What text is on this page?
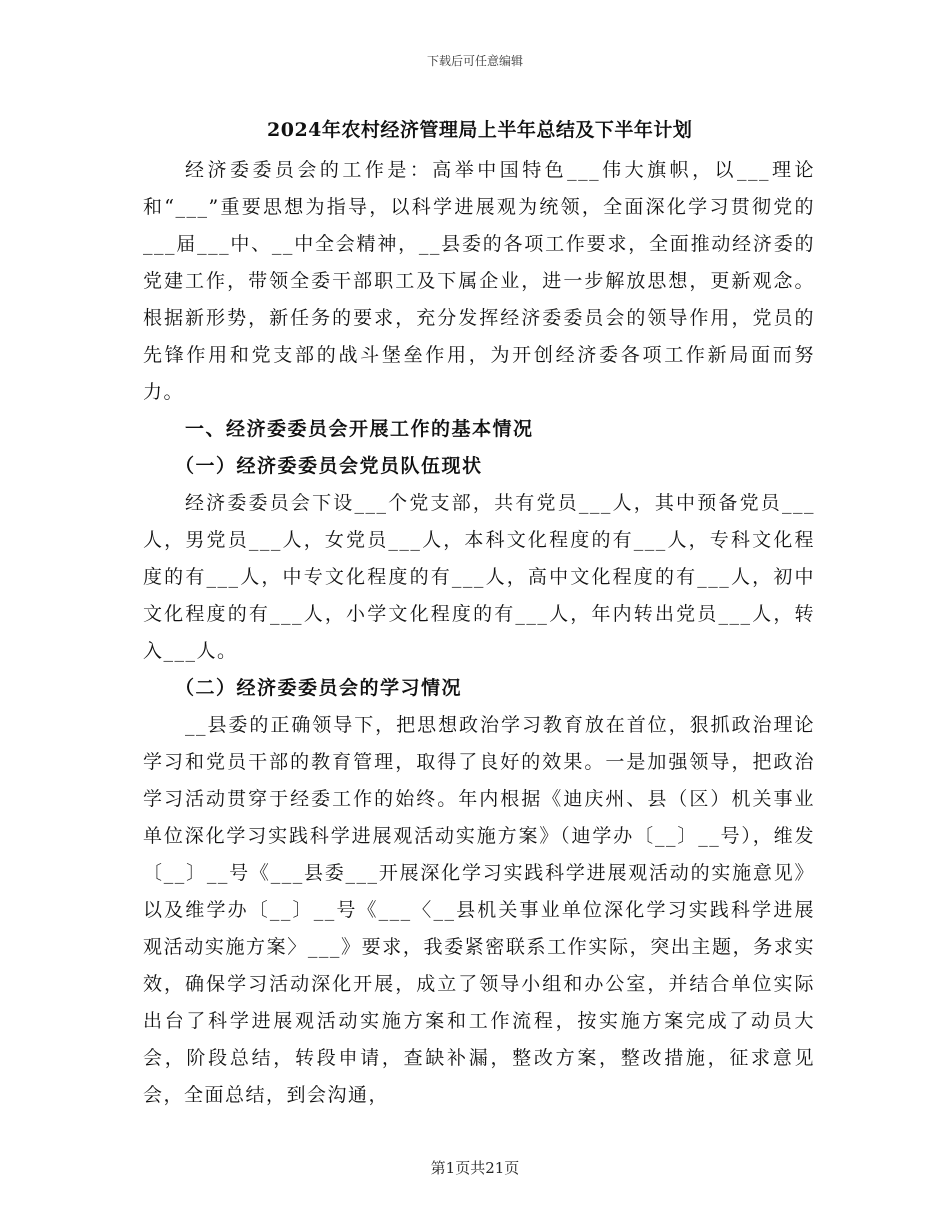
下载后可任意编辑
2024年农村经济管理局上半年总结及下半年计划

经济委委员会的工作是：高举中国特色___伟大旗帜，以___理论和“___”重要思想为指导，以科学进展观为统领，全面深化学习贯彻党的___届___中、__中全会精神，__县委的各项工作要求，全面推动经济委的党建工作，带领全委干部职工及下属企业，进一步解放思想，更新观念。根据新形势，新任务的要求，充分发挥经济委委员会的领导作用，党员的先锋作用和党支部的战斗堡垒作用，为开创经济委各项工作新局面而努力。

一、经济委委员会开展工作的基本情况

（一）经济委委员会党员队伍现状

经济委委员会下设___个党支部，共有党员___人，其中预备党员___人，男党员___人，女党员___人，本科文化程度的有___人，专科文化程度的有___人，中专文化程度的有___人，高中文化程度的有___人，初中文化程度的有___人，小学文化程度的有___人，年内转出党员___人，转入___人。

（二）经济委委员会的学习情况

__县委的正确领导下，把思想政治学习教育放在首位，狠抓政治理论学习和党员干部的教育管理，取得了良好的效果。一是加强领导，把政治学习活动贯穿于经委工作的始终。年内根据《迪庆州、县（区）机关事业单位深化学习实践科学进展观活动实施方案》（迪学办〔__〕__号），维发〔__〕__号《___县委___开展深化学习实践科学进展观活动的实施意见》以及维学办〔__〕__号《___〈__县机关事业单位深化学习实践科学进展观活动实施方案〉___》要求，我委紧密联系工作实际，突出主题，务求实效，确保学习活动深化开展，成立了领导小组和办公室，并结合单位实际出台了科学进展观活动实施方案和工作流程，按实施方案完成了动员大会，阶段总结，转段申请，查缺补漏，整改方案，整改措施，征求意见会，全面总结，到会沟通，

第1页共21页
